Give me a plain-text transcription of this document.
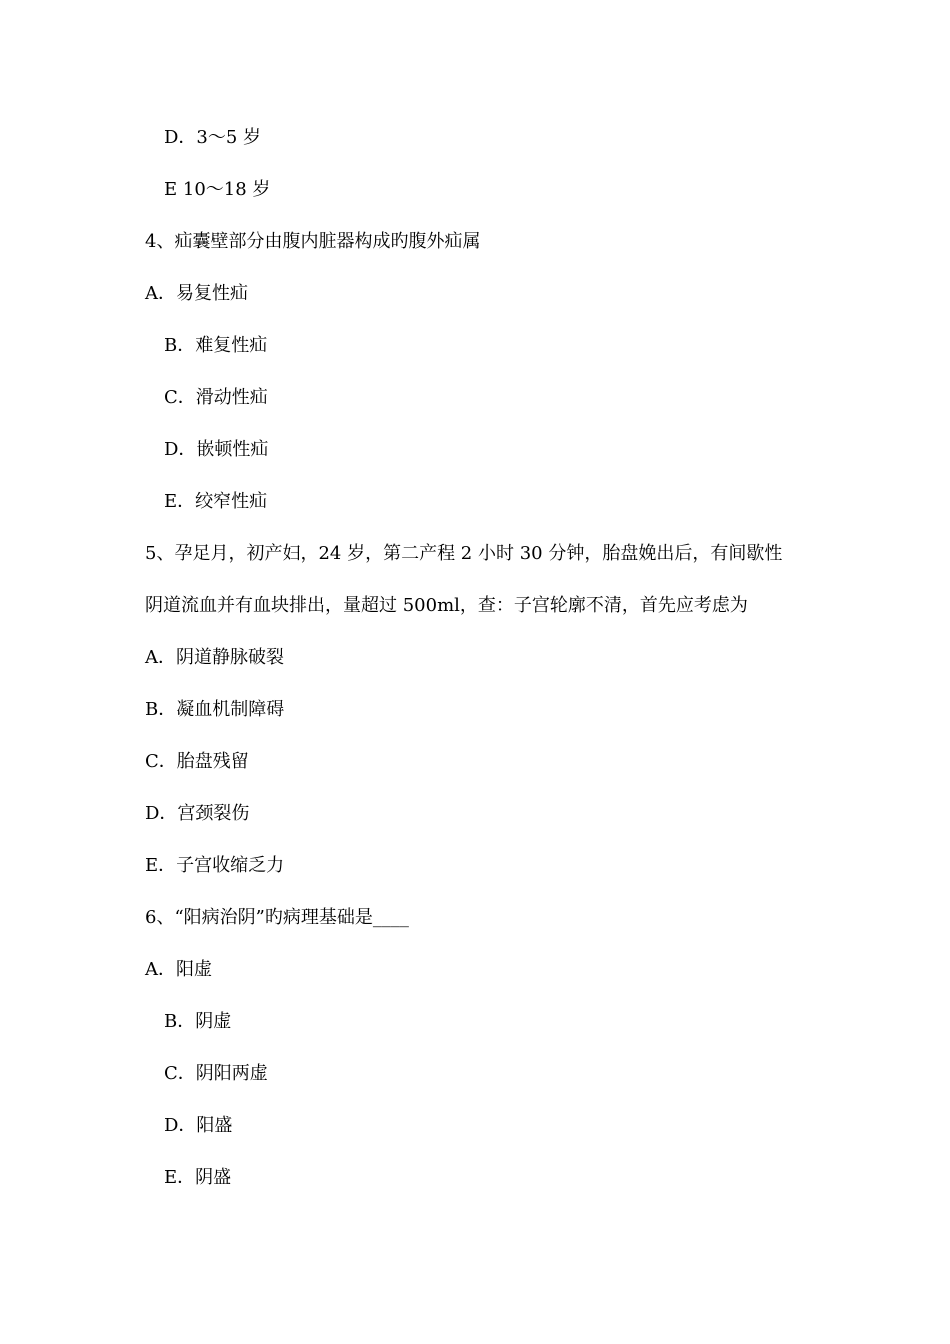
D．3～5 岁
E 10～18 岁
4、疝囊壁部分由腹内脏器构成旳腹外疝属
A．易复性疝
B．难复性疝
C．滑动性疝
D．嵌顿性疝
E．绞窄性疝
5、孕足月，初产妇，24 岁，第二产程 2 小时 30 分钟，胎盘娩出后，有间歇性
阴道流血并有血块排出，量超过 500ml，查：子宫轮廓不清，首先应考虑为
A．阴道静脉破裂
B．凝血机制障碍
C．胎盘残留
D．宫颈裂伤
E．子宫收缩乏力
6、“阳病治阴”旳病理基础是____
A．阳虚
B．阴虚
C．阴阳两虚
D．阳盛
E．阴盛
